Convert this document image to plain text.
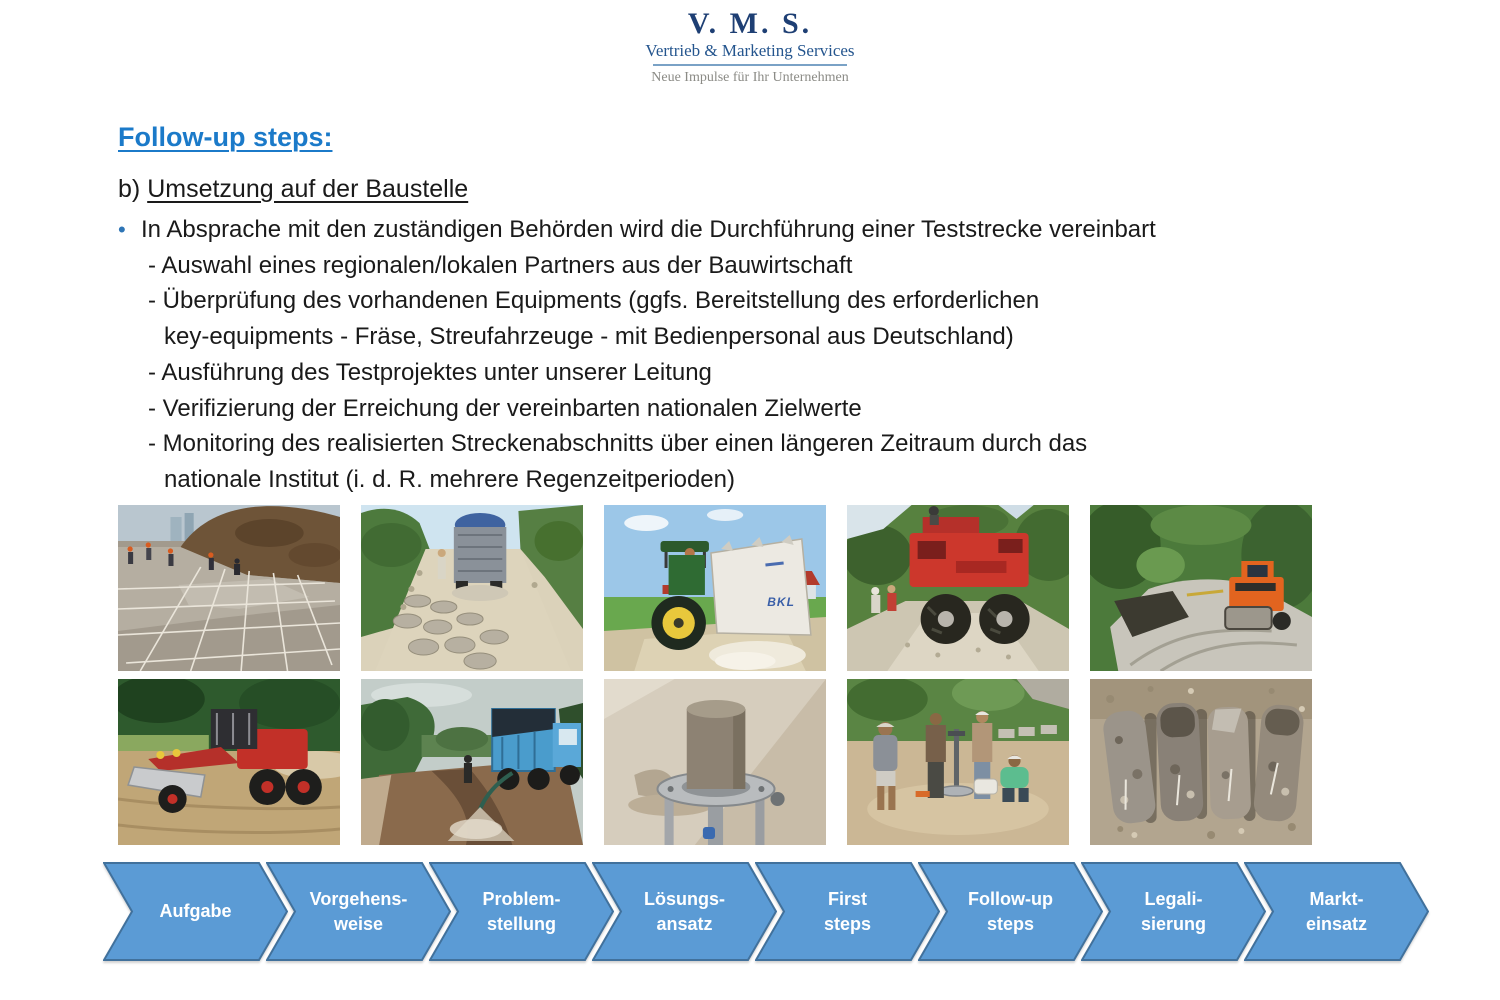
V. M. S.
Vertrieb & Marketing Services
Neue Impulse für Ihr Unternehmen
Follow-up steps:
b) Umsetzung auf der Baustelle
• In Absprache mit den zuständigen Behörden wird die Durchführung einer Teststrecke vereinbart
- Auswahl eines regionalen/lokalen Partners aus der Bauwirtschaft
- Überprüfung des vorhandenen Equipments (ggfs. Bereitstellung des erforderlichen
key-equipments - Fräse, Streufahrzeuge - mit Bedienpersonal aus Deutschland)
- Ausführung des Testprojektes unter unserer Leitung
- Verifizierung der Erreichung der vereinbarten nationalen Zielwerte
- Monitoring des realisierten Streckenabschnitts über einen längeren Zeitraum durch das
nationale Institut (i. d. R. mehrere Regenzeitperioden)
BKL
Aufgabe
Vorgehens-
weise
Problem-
stellung
Lösungs-
ansatz
First
steps
Follow-up
steps
Legali-
sierung
Markt-
einsatz
